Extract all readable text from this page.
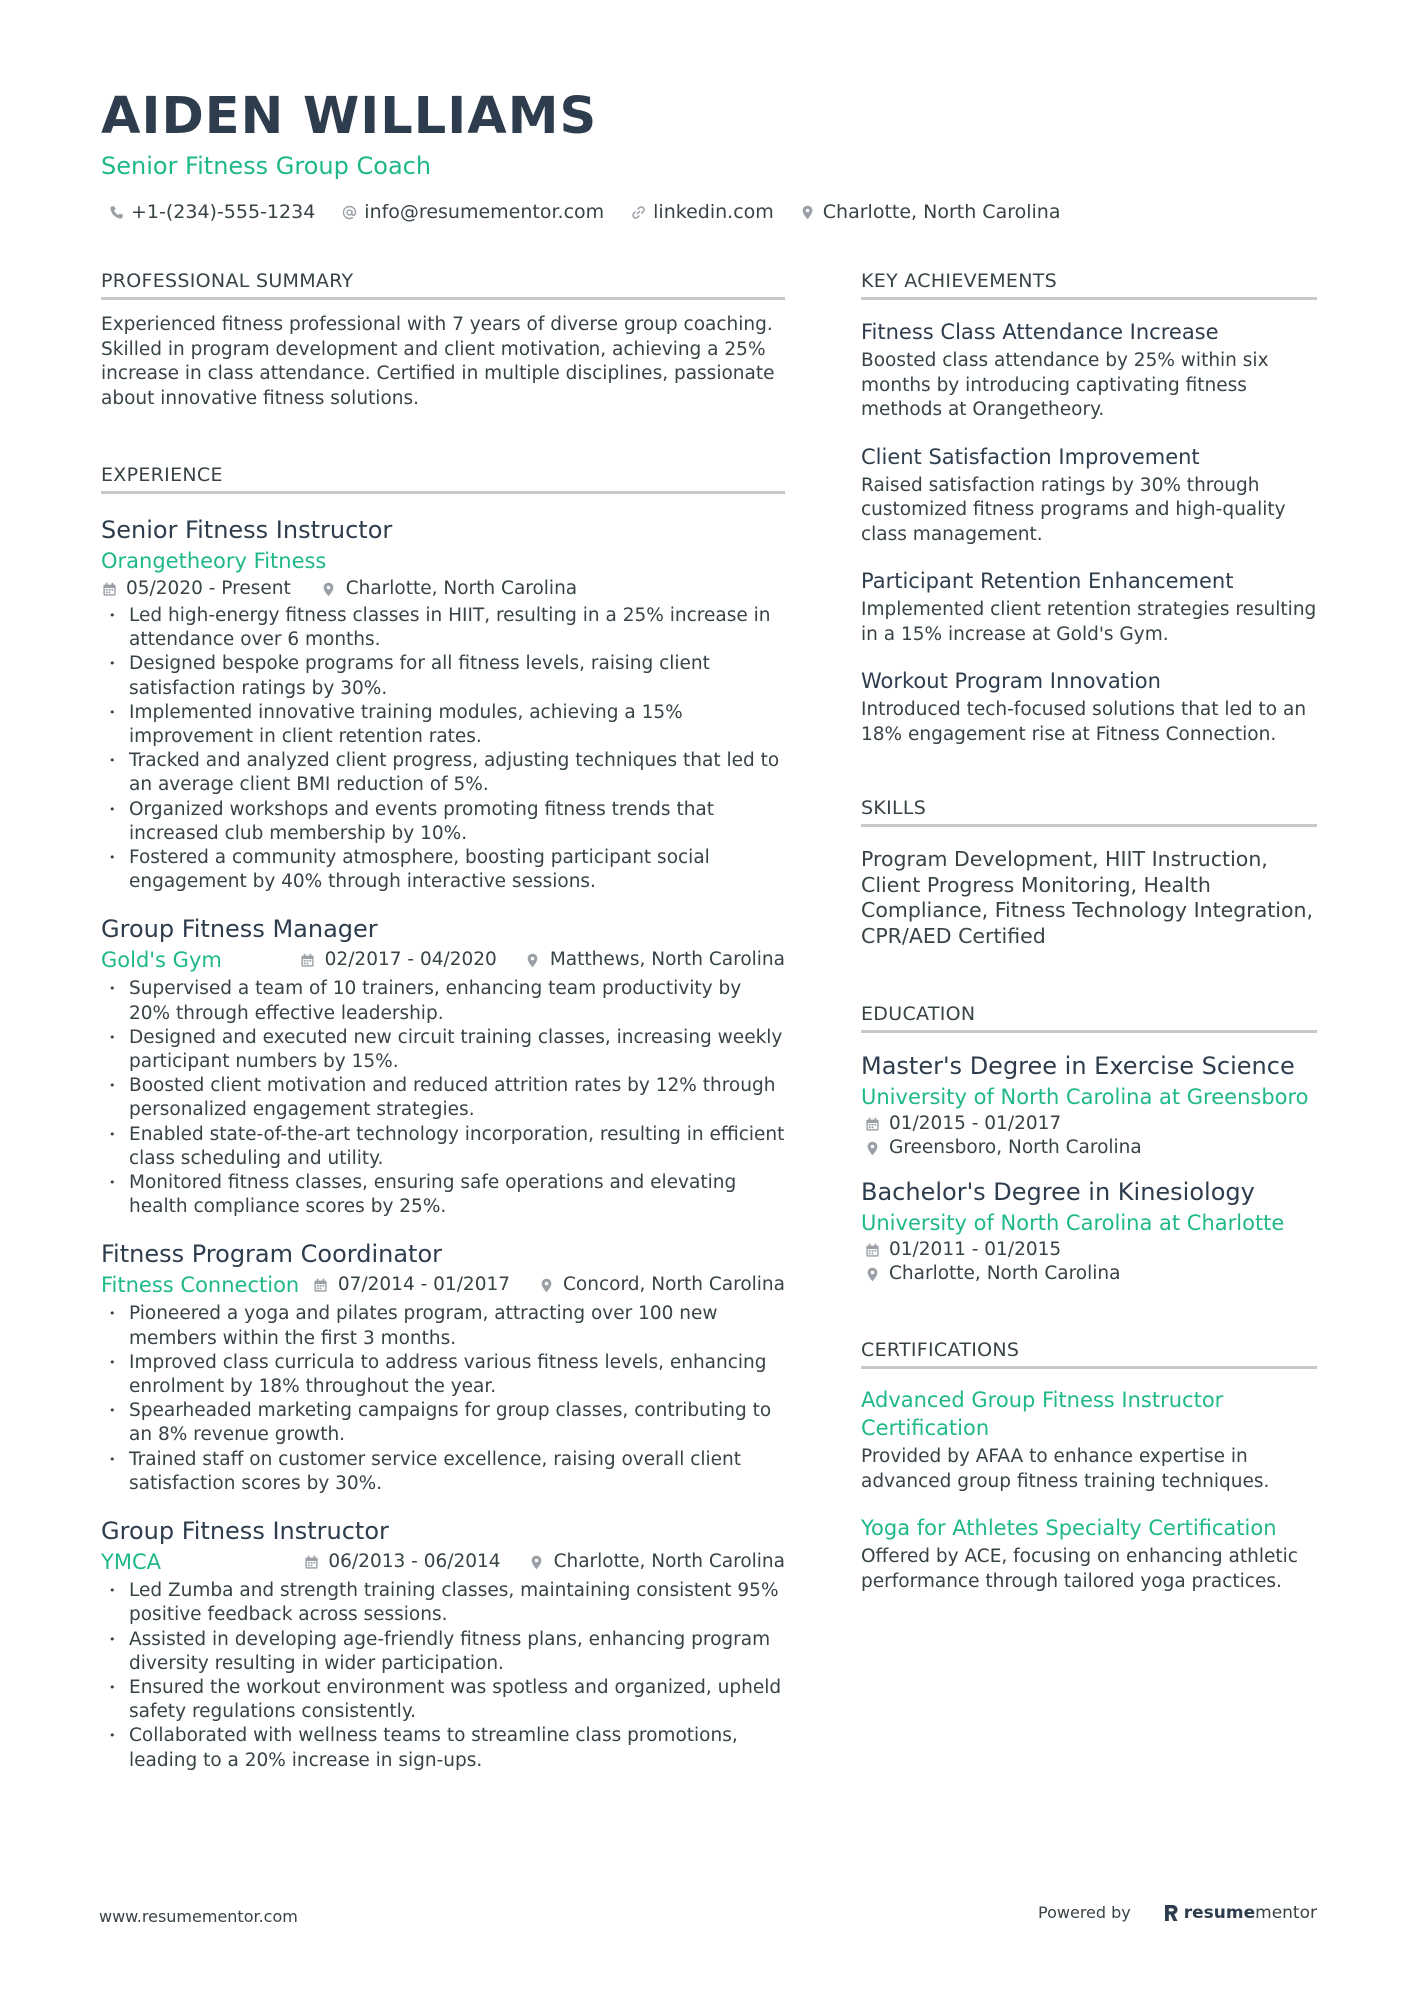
AIDEN WILLIAMS
Senior Fitness Group Coach
+1-(234)-555-1234	info@resumementor.com	linkedin.com	Charlotte, North Carolina
PROFESSIONAL SUMMARY
Experienced fitness professional with 7 years of diverse group coaching. Skilled in program development and client motivation, achieving a 25% increase in class attendance. Certified in multiple disciplines, passionate about innovative fitness solutions.
EXPERIENCE
Senior Fitness Instructor
Orangetheory Fitness
05/2020 - Present	Charlotte, North Carolina
• Led high-energy fitness classes in HIIT, resulting in a 25% increase in attendance over 6 months.
• Designed bespoke programs for all fitness levels, raising client satisfaction ratings by 30%.
• Implemented innovative training modules, achieving a 15% improvement in client retention rates.
• Tracked and analyzed client progress, adjusting techniques that led to an average client BMI reduction of 5%.
• Organized workshops and events promoting fitness trends that increased club membership by 10%.
• Fostered a community atmosphere, boosting participant social engagement by 40% through interactive sessions.
Group Fitness Manager
Gold's Gym	02/2017 - 04/2020	Matthews, North Carolina
• Supervised a team of 10 trainers, enhancing team productivity by 20% through effective leadership.
• Designed and executed new circuit training classes, increasing weekly participant numbers by 15%.
• Boosted client motivation and reduced attrition rates by 12% through personalized engagement strategies.
• Enabled state-of-the-art technology incorporation, resulting in efficient class scheduling and utility.
• Monitored fitness classes, ensuring safe operations and elevating health compliance scores by 25%.
Fitness Program Coordinator
Fitness Connection 07/2014 - 01/2017	Concord, North Carolina
• Pioneered a yoga and pilates program, attracting over 100 new members within the first 3 months.
• Improved class curricula to address various fitness levels, enhancing enrolment by 18% throughout the year.
• Spearheaded marketing campaigns for group classes, contributing to an 8% revenue growth.
• Trained staff on customer service excellence, raising overall client satisfaction scores by 30%.
Group Fitness Instructor
YMCA	06/2013 - 06/2014	Charlotte, North Carolina
• Led Zumba and strength training classes, maintaining consistent 95% positive feedback across sessions.
• Assisted in developing age-friendly fitness plans, enhancing program diversity resulting in wider participation.
• Ensured the workout environment was spotless and organized, upheld safety regulations consistently.
• Collaborated with wellness teams to streamline class promotions, leading to a 20% increase in sign-ups.
KEY ACHIEVEMENTS
Fitness Class Attendance Increase
Boosted class attendance by 25% within six months by introducing captivating fitness methods at Orangetheory.
Client Satisfaction Improvement
Raised satisfaction ratings by 30% through customized fitness programs and high-quality class management.
Participant Retention Enhancement
Implemented client retention strategies resulting in a 15% increase at Gold's Gym.
Workout Program Innovation
Introduced tech-focused solutions that led to an 18% engagement rise at Fitness Connection.
SKILLS
Program Development, HIIT Instruction, Client Progress Monitoring, Health Compliance, Fitness Technology Integration, CPR/AED Certified
EDUCATION
Master's Degree in Exercise Science
University of North Carolina at Greensboro
01/2015 - 01/2017
Greensboro, North Carolina
Bachelor's Degree in Kinesiology
University of North Carolina at Charlotte
01/2011 - 01/2015
Charlotte, North Carolina
CERTIFICATIONS
Advanced Group Fitness Instructor Certification
Provided by AFAA to enhance expertise in advanced group fitness training techniques.
Yoga for Athletes Specialty Certification
Offered by ACE, focusing on enhancing athletic performance through tailored yoga practices.
www.resumementor.com	Powered by	resume mentor
